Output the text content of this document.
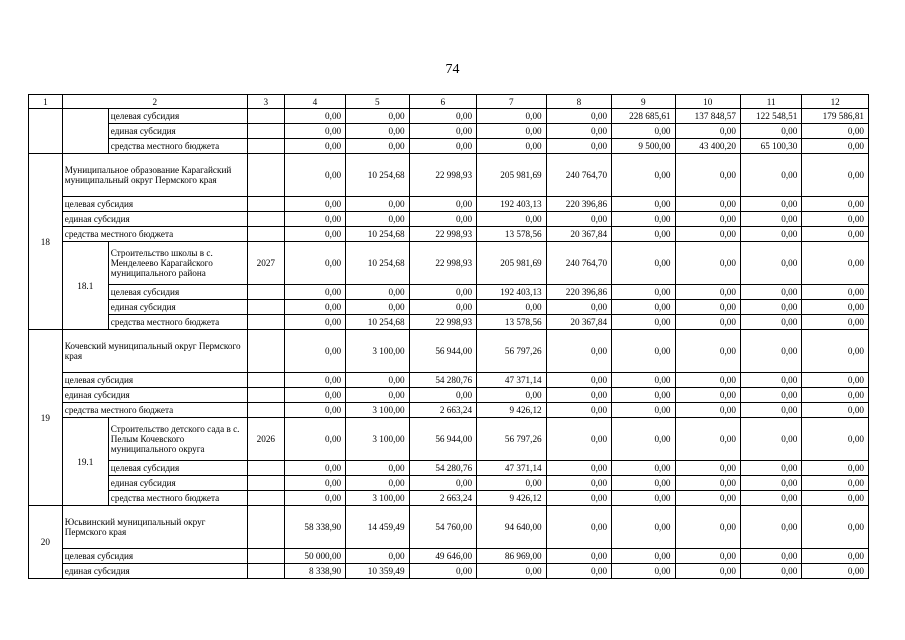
74
1	2		3	4	5	6	7	8	9	10	11	12
		целевая субсидия		0,00	0,00	0,00	0,00	0,00	228 685,61	137 848,57	122 548,51	179 586,81
		единая субсидия		0,00	0,00	0,00	0,00	0,00	0,00	0,00	0,00	0,00
		средства местного бюджета		0,00	0,00	0,00	0,00	0,00	9 500,00	43 400,20	65 100,30	0,00
18	Муниципальное образование Карагайский муниципальный округ Пермского края			0,00	10 254,68	22 998,93	205 981,69	240 764,70	0,00	0,00	0,00	0,00
	целевая субсидия			0,00	0,00	0,00	192 403,13	220 396,86	0,00	0,00	0,00	0,00
	единая субсидия			0,00	0,00	0,00	0,00	0,00	0,00	0,00	0,00	0,00
	средства местного бюджета			0,00	10 254,68	22 998,93	13 578,56	20 367,84	0,00	0,00	0,00	0,00
	18.1	Строительство школы в с. Менделеево Карагайского муниципального района	2027	0,00	10 254,68	22 998,93	205 981,69	240 764,70	0,00	0,00	0,00	0,00
		целевая субсидия		0,00	0,00	0,00	192 403,13	220 396,86	0,00	0,00	0,00	0,00
		единая субсидия		0,00	0,00	0,00	0,00	0,00	0,00	0,00	0,00	0,00
		средства местного бюджета		0,00	10 254,68	22 998,93	13 578,56	20 367,84	0,00	0,00	0,00	0,00
19	Кочевский муниципальный округ Пермского края			0,00	3 100,00	56 944,00	56 797,26	0,00	0,00	0,00	0,00	0,00
	целевая субсидия			0,00	0,00	54 280,76	47 371,14	0,00	0,00	0,00	0,00	0,00
	единая субсидия			0,00	0,00	0,00	0,00	0,00	0,00	0,00	0,00	0,00
	средства местного бюджета			0,00	3 100,00	2 663,24	9 426,12	0,00	0,00	0,00	0,00	0,00
	19.1	Строительство детского сада в с. Пелым Кочевского муниципального округа	2026	0,00	3 100,00	56 944,00	56 797,26	0,00	0,00	0,00	0,00	0,00
		целевая субсидия		0,00	0,00	54 280,76	47 371,14	0,00	0,00	0,00	0,00	0,00
		единая субсидия		0,00	0,00	0,00	0,00	0,00	0,00	0,00	0,00	0,00
		средства местного бюджета		0,00	3 100,00	2 663,24	9 426,12	0,00	0,00	0,00	0,00	0,00
20	Юсьвинский муниципальный округ Пермского края			58 338,90	14 459,49	54 760,00	94 640,00	0,00	0,00	0,00	0,00	0,00
	целевая субсидия			50 000,00	0,00	49 646,00	86 969,00	0,00	0,00	0,00	0,00	0,00
	единая субсидия			8 338,90	10 359,49	0,00	0,00	0,00	0,00	0,00	0,00	0,00
